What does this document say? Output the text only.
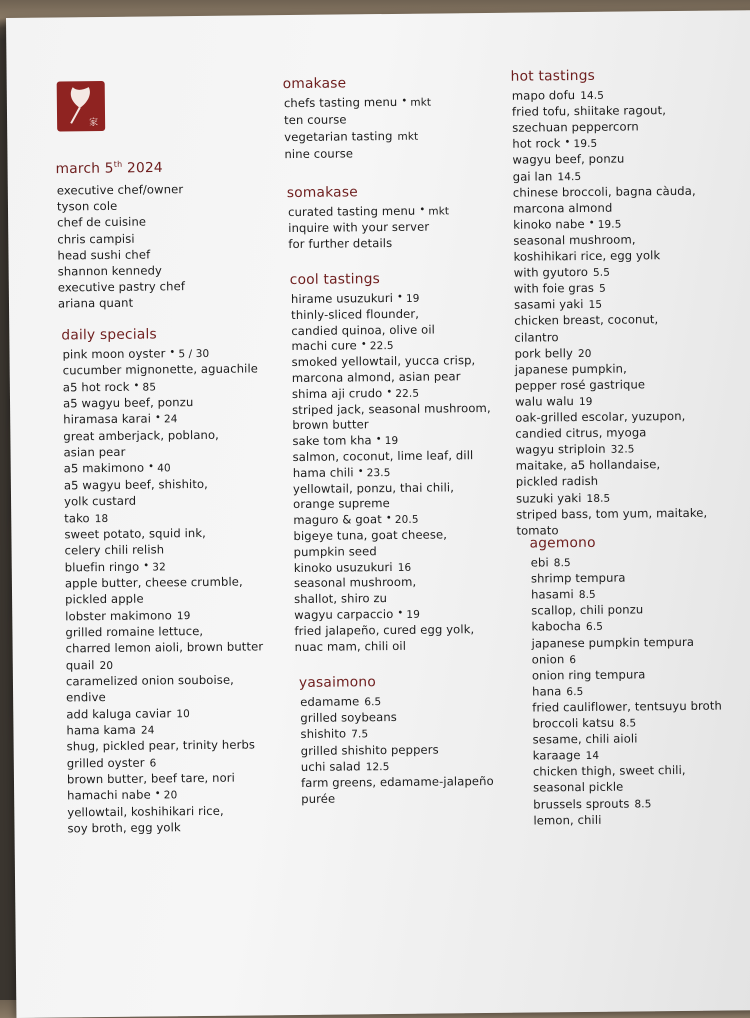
家
march 5th 2024
executive chef/owner
tyson cole
chef de cuisine
chris campisi
head sushi chef
shannon kennedy
executive pastry chef
ariana quant
daily specials
pink moon oyster • 5 / 30
cucumber mignonette, aguachile
a5 hot rock • 85
a5 wagyu beef, ponzu
hiramasa karai • 24
great amberjack, poblano,
asian pear
a5 makimono • 40
a5 wagyu beef, shishito,
yolk custard
tako 18
sweet potato, squid ink,
celery chili relish
bluefin ringo • 32
apple butter, cheese crumble,
pickled apple
lobster makimono 19
grilled romaine lettuce,
charred lemon aioli, brown butter
quail 20
caramelized onion souboise,
endive
add kaluga caviar 10
hama kama 24
shug, pickled pear, trinity herbs
grilled oyster 6
brown butter, beef tare, nori
hamachi nabe • 20
yellowtail, koshihikari rice,
soy broth, egg yolk
omakase
chefs tasting menu • mkt
ten course
vegetarian tasting mkt
nine course
somakase
curated tasting menu • mkt
inquire with your server
for further details
cool tastings
hirame usuzukuri • 19
thinly-sliced flounder,
candied quinoa, olive oil
machi cure • 22.5
smoked yellowtail, yucca crisp,
marcona almond, asian pear
shima aji crudo • 22.5
striped jack, seasonal mushroom,
brown butter
sake tom kha • 19
salmon, coconut, lime leaf, dill
hama chili • 23.5
yellowtail, ponzu, thai chili,
orange supreme
maguro & goat • 20.5
bigeye tuna, goat cheese,
pumpkin seed
kinoko usuzukuri 16
seasonal mushroom,
shallot, shiro zu
wagyu carpaccio • 19
fried jalapeño, cured egg yolk,
nuac mam, chili oil
yasaimono
edamame 6.5
grilled soybeans
shishito 7.5
grilled shishito peppers
uchi salad 12.5
farm greens, edamame-jalapeño
purée
hot tastings
mapo dofu 14.5
fried tofu, shiitake ragout,
szechuan peppercorn
hot rock • 19.5
wagyu beef, ponzu
gai lan 14.5
chinese broccoli, bagna càuda,
marcona almond
kinoko nabe • 19.5
seasonal mushroom,
koshihikari rice, egg yolk
with gyutoro 5.5
with foie gras 5
sasami yaki 15
chicken breast, coconut,
cilantro
pork belly 20
japanese pumpkin,
pepper rosé gastrique
walu walu 19
oak-grilled escolar, yuzupon,
candied citrus, myoga
wagyu striploin 32.5
maitake, a5 hollandaise,
pickled radish
suzuki yaki 18.5
striped bass, tom yum, maitake,
tomato
agemono
ebi 8.5
shrimp tempura
hasami 8.5
scallop, chili ponzu
kabocha 6.5
japanese pumpkin tempura
onion 6
onion ring tempura
hana 6.5
fried cauliflower, tentsuyu broth
broccoli katsu 8.5
sesame, chili aioli
karaage 14
chicken thigh, sweet chili,
seasonal pickle
brussels sprouts 8.5
lemon, chili
